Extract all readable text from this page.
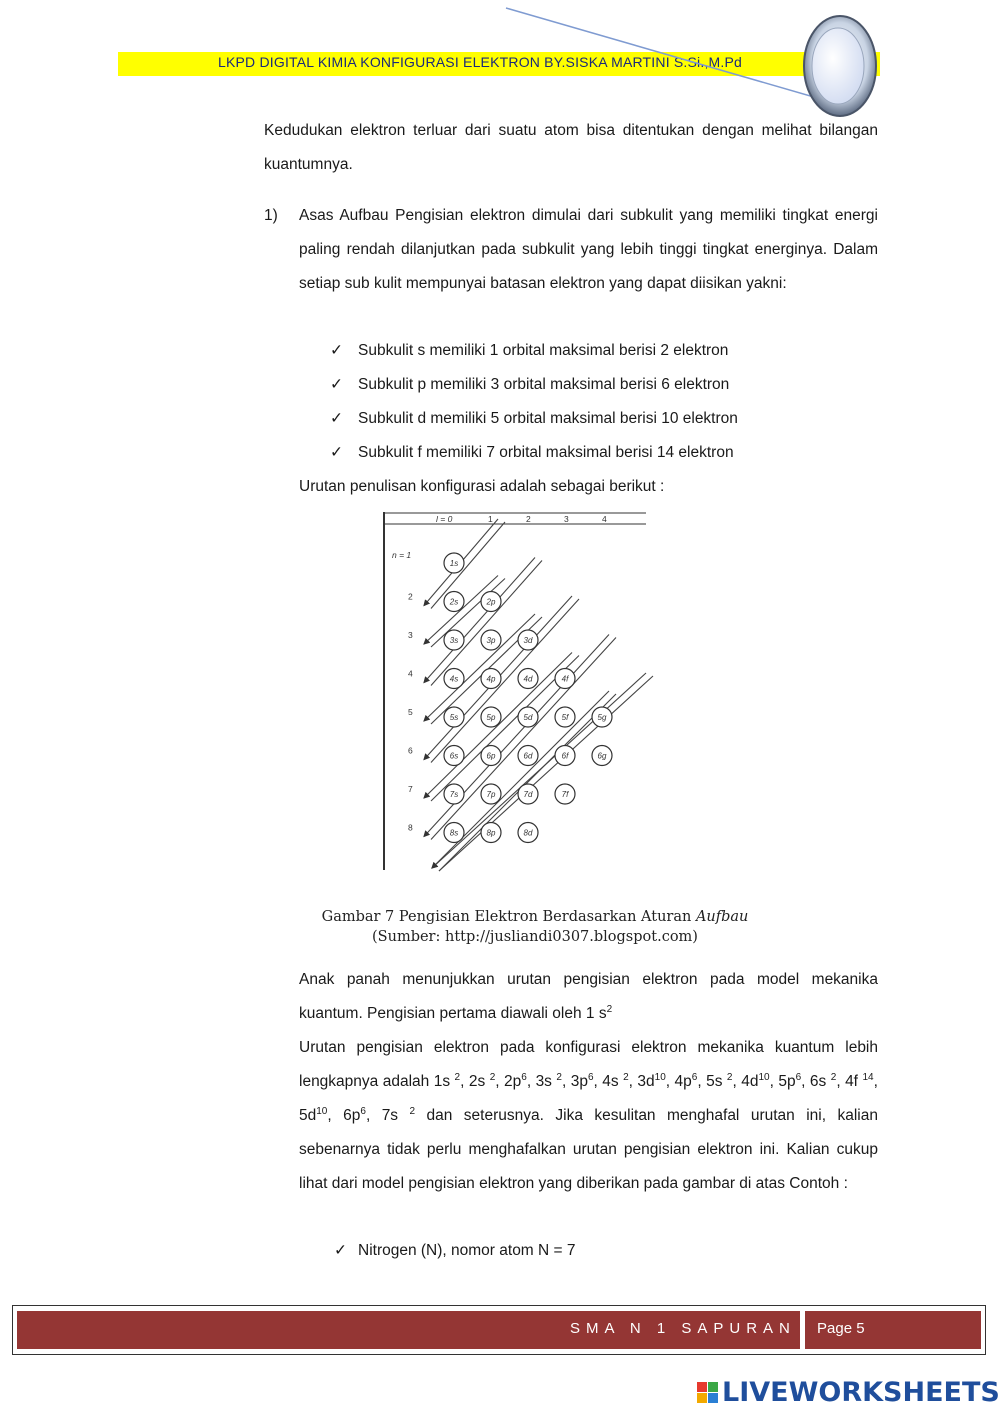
LKPD DIGITAL KIMIA KONFIGURASI ELEKTRON BY.SISKA MARTINI S.Si.,M.Pd
Kedudukan elektron terluar dari suatu atom bisa ditentukan dengan melihat bilangan kuantumnya.
1) Asas Aufbau Pengisian elektron dimulai dari subkulit yang memiliki tingkat energi paling rendah dilanjutkan pada subkulit yang lebih tinggi tingkat energinya. Dalam setiap sub kulit mempunyai batasan elektron yang dapat diisikan yakni:
✓ Subkulit s memiliki 1 orbital maksimal berisi 2 elektron
✓ Subkulit p memiliki 3 orbital maksimal berisi 6 elektron
✓ Subkulit d memiliki 5 orbital maksimal berisi 10 elektron
✓ Subkulit f memiliki 7 orbital maksimal berisi 14 elektron
Urutan penulisan konfigurasi adalah sebagai berikut :
l = 0	1	2	3	4
n = 1
2
3
4
5
6
7
8
1s
2s	2p
3s	3p	3d
4s	4p	4d	4f
5s	5p	5d	5f	5g
6s	6p	6d	6f	6g
7s	7p	7d	7f
8s	8p	8d
Gambar 7 Pengisian Elektron Berdasarkan Aturan Aufbau
(Sumber: http://jusliandi0307.blogspot.com)
Anak panah menunjukkan urutan pengisian elektron pada model mekanika kuantum. Pengisian pertama diawali oleh 1 $s^2$
Urutan pengisian elektron pada konfigurasi elektron mekanika kuantum lebih lengkapnya adalah 1s $^2$, 2s $^2$, $2p^6$, 3s $^2$, $3p^6$, 4s $^2$, $3d^{10}$, $4p^6$, 5s $^2$, $4d^{10}$, $5p^6$, 6s $^2$, 4f $^{14}$, $5d^{10}$, $6p^6$, 7s $^2$ dan seterusnya. Jika kesulitan menghafal urutan ini, kalian sebenarnya tidak perlu menghafalkan urutan pengisian elektron ini. Kalian cukup lihat dari model pengisian elektron yang diberikan pada gambar di atas Contoh :
✓ Nitrogen (N), nomor atom N = 7
SMA N 1 SAPURAN Page 5
LIVEWORKSHEETS
